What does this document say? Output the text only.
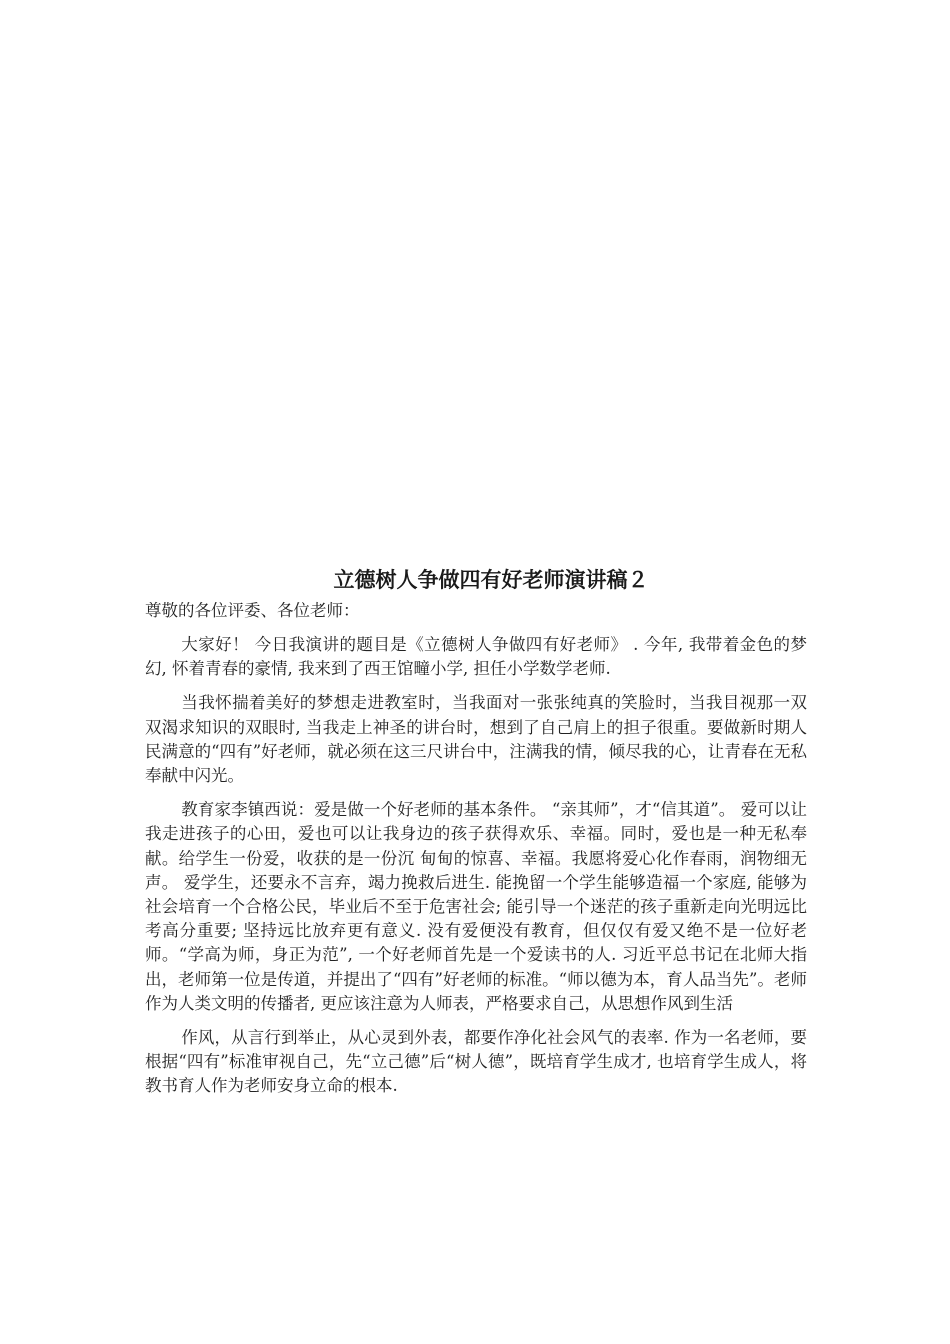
立德树人争做四有好老师演讲稿２

尊敬的各位评委、各位老师：

大家好！ 今日我演讲的题目是《立德树人争做四有好老师》 . 今年, 我带着金色的梦幻, 怀着青春的豪情, 我来到了西王馆疃小学, 担任小学数学老师.

当我怀揣着美好的梦想走进教室时，当我面对一张张纯真的笑脸时，当我目视那一双双渴求知识的双眼时, 当我走上神圣的讲台时，想到了自己肩上的担子很重。要做新时期人民满意的“四有”好老师，就必须在这三尺讲台中，注满我的情，倾尽我的心，让青春在无私奉献中闪光。

教育家李镇西说：爱是做一个好老师的基本条件。 “亲其师”，才“信其道”。 爱可以让我走进孩子的心田，爱也可以让我身边的孩子获得欢乐、幸福。同时，爱也是一种无私奉献。给学生一份爱，收获的是一份沉 甸甸的惊喜、幸福。我愿将爱心化作春雨，润物细无声。 爱学生，还要永不言弃，竭力挽救后进生. 能挽留一个学生能够造福一个家庭, 能够为社会培育一个合格公民，毕业后不至于危害社会; 能引导一个迷茫的孩子重新走向光明远比 考高分重要; 坚持远比放弃更有意义. 没有爱便没有教育，但仅仅有爱又绝不是一位好老师。“学高为师，身正为范”, 一个好老师首先是一个爱读书的人. 习近平总书记在北师大指出，老师第一位是传道，并提出了“四有”好老师的标准。“师以德为本，育人品当先”。老师作为人类文明的传播者, 更应该注意为人师表，严格要求自己，从思想作风到生活

作风，从言行到举止，从心灵到外表，都要作净化社会风气的表率. 作为一名老师，要根据“四有”标准审视自己，先“立己德”后“树人德”，既培育学生成才, 也培育学生成人，将教书育人作为老师安身立命的根本.
